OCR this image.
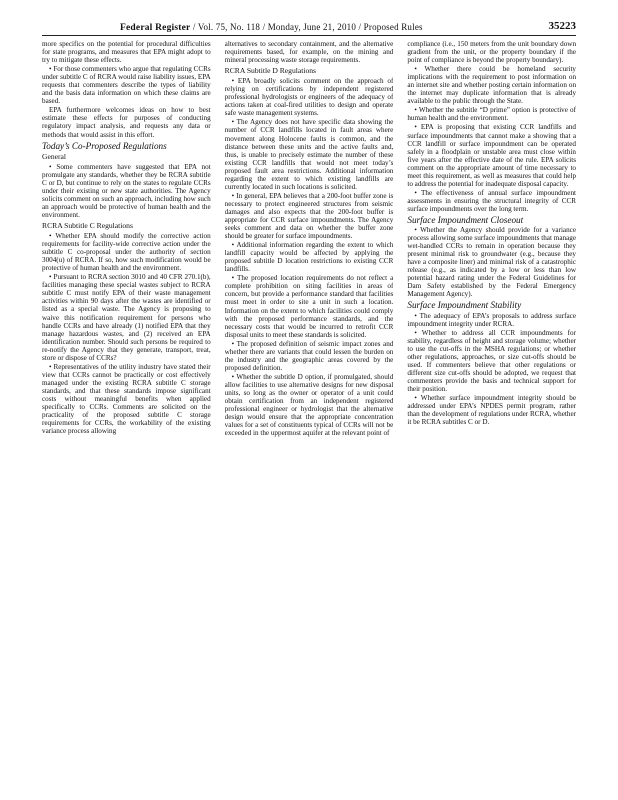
Federal Register / Vol. 75, No. 118 / Monday, June 21, 2010 / Proposed Rules	35223

more specifics on the potential for procedural difficulties for state programs, and measures that EPA might adopt to try to mitigate these effects.

• For those commenters who argue that regulating CCRs under subtitle C of RCRA would raise liability issues, EPA requests that commenters describe the types of liability and the basis data information on which these claims are based.

EPA furthermore welcomes ideas on how to best estimate these effects for purposes of conducting regulatory impact analysis, and requests any data or methods that would assist in this effort.

Today’s Co-Proposed Regulations
General

• Some commenters have suggested that EPA not promulgate any standards, whether they be RCRA subtitle C or D, but continue to rely on the states to regulate CCRs under their existing or new state authorities. The Agency solicits comment on such an approach, including how such an approach would be protective of human health and the environment.

RCRA Subtitle C Regulations

• Whether EPA should modify the corrective action requirements for facility-wide corrective action under the subtitle C co-proposal under the authority of section 3004(u) of RCRA. If so, how such modification would be protective of human health and the environment.

• Pursuant to RCRA section 3010 and 40 CFR 270.1(b), facilities managing these special wastes subject to RCRA subtitle C must notify EPA of their waste management activities within 90 days after the wastes are identified or listed as a special waste. The Agency is proposing to waive this notification requirement for persons who handle CCRs and have already (1) notified EPA that they manage hazardous wastes, and (2) received an EPA identification number. Should such persons be required to re-notify the Agency that they generate, transport, treat, store or dispose of CCRs?

• Representatives of the utility industry have stated their view that CCRs cannot be practically or cost effectively managed under the existing RCRA subtitle C storage standards, and that these standards impose significant costs without meaningful benefits when applied specifically to CCRs. Comments are solicited on the practicality of the proposed subtitle C storage requirements for CCRs, the workability of the existing variance process allowing

alternatives to secondary containment, and the alternative requirements based, for example, on the mining and mineral processing waste storage requirements.

RCRA Subtitle D Regulations

• EPA broadly solicits comment on the approach of relying on certifications by independent registered professional hydrologists or engineers of the adequacy of actions taken at coal-fired utilities to design and operate safe waste management systems.

• The Agency does not have specific data showing the number of CCR landfills located in fault areas where movement along Holocene faults is common, and the distance between these units and the active faults and, thus, is unable to precisely estimate the number of these existing CCR landfills that would not meet today’s proposed fault area restrictions. Additional information regarding the extent to which existing landfills are currently located in such locations is solicited.

• In general, EPA believes that a 200-foot buffer zone is necessary to protect engineered structures from seismic damages and also expects that the 200-foot buffer is appropriate for CCR surface impoundments. The Agency seeks comment and data on whether the buffer zone should be greater for surface impoundments.

• Additional information regarding the extent to which landfill capacity would be affected by applying the proposed subtitle D location restrictions to existing CCR landfills.

• The proposed location requirements do not reflect a complete prohibition on siting facilities in areas of concern, but provide a performance standard that facilities must meet in order to site a unit in such a location. Information on the extent to which facilities could comply with the proposed performance standards, and the necessary costs that would be incurred to retrofit CCR disposal units to meet these standards is solicited.

• The proposed definition of seismic impact zones and whether there are variants that could lessen the burden on the industry and the geographic areas covered by the proposed definition.

• Whether the subtitle D option, if promulgated, should allow facilities to use alternative designs for new disposal units, so long as the owner or operator of a unit could obtain certification from an independent registered professional engineer or hydrologist that the alternative design would ensure that the appropriate concentration values for a set of constituents typical of CCRs will not be exceeded in the uppermost aquifer at the relevant point of

compliance (i.e., 150 meters from the unit boundary down gradient from the unit, or the property boundary if the point of compliance is beyond the property boundary).

• Whether there could be homeland security implications with the requirement to post information on an internet site and whether posting certain information on the internet may duplicate information that is already available to the public through the State.

• Whether the subtitle “D prime” option is protective of human health and the environment.

• EPA is proposing that existing CCR landfills and surface impoundments that cannot make a showing that a CCR landfill or surface impoundment can be operated safely in a floodplain or unstable area must close within five years after the effective date of the rule. EPA solicits comment on the appropriate amount of time necessary to meet this requirement, as well as measures that could help to address the potential for inadequate disposal capacity.

• The effectiveness of annual surface impoundment assessments in ensuring the structural integrity of CCR surface impoundments over the long term.

Surface Impoundment Closeout

• Whether the Agency should provide for a variance process allowing some surface impoundments that manage wet-handled CCRs to remain in operation because they present minimal risk to groundwater (e.g., because they have a composite liner) and minimal risk of a catastrophic release (e.g., as indicated by a low or less than low potential hazard rating under the Federal Guidelines for Dam Safety established by the Federal Emergency Management Agency).

Surface Impoundment Stability

• The adequacy of EPA’s proposals to address surface impoundment integrity under RCRA.

• Whether to address all CCR impoundments for stability, regardless of height and storage volume; whether to use the cut-offs in the MSHA regulations; or whether other regulations, approaches, or size cut-offs should be used. If commenters believe that other regulations or different size cut-offs should be adopted, we request that commenters provide the basis and technical support for their position.

• Whether surface impoundment integrity should be addressed under EPA’s NPDES permit program, rather than the development of regulations under RCRA, whether it be RCRA subtitles C or D.
